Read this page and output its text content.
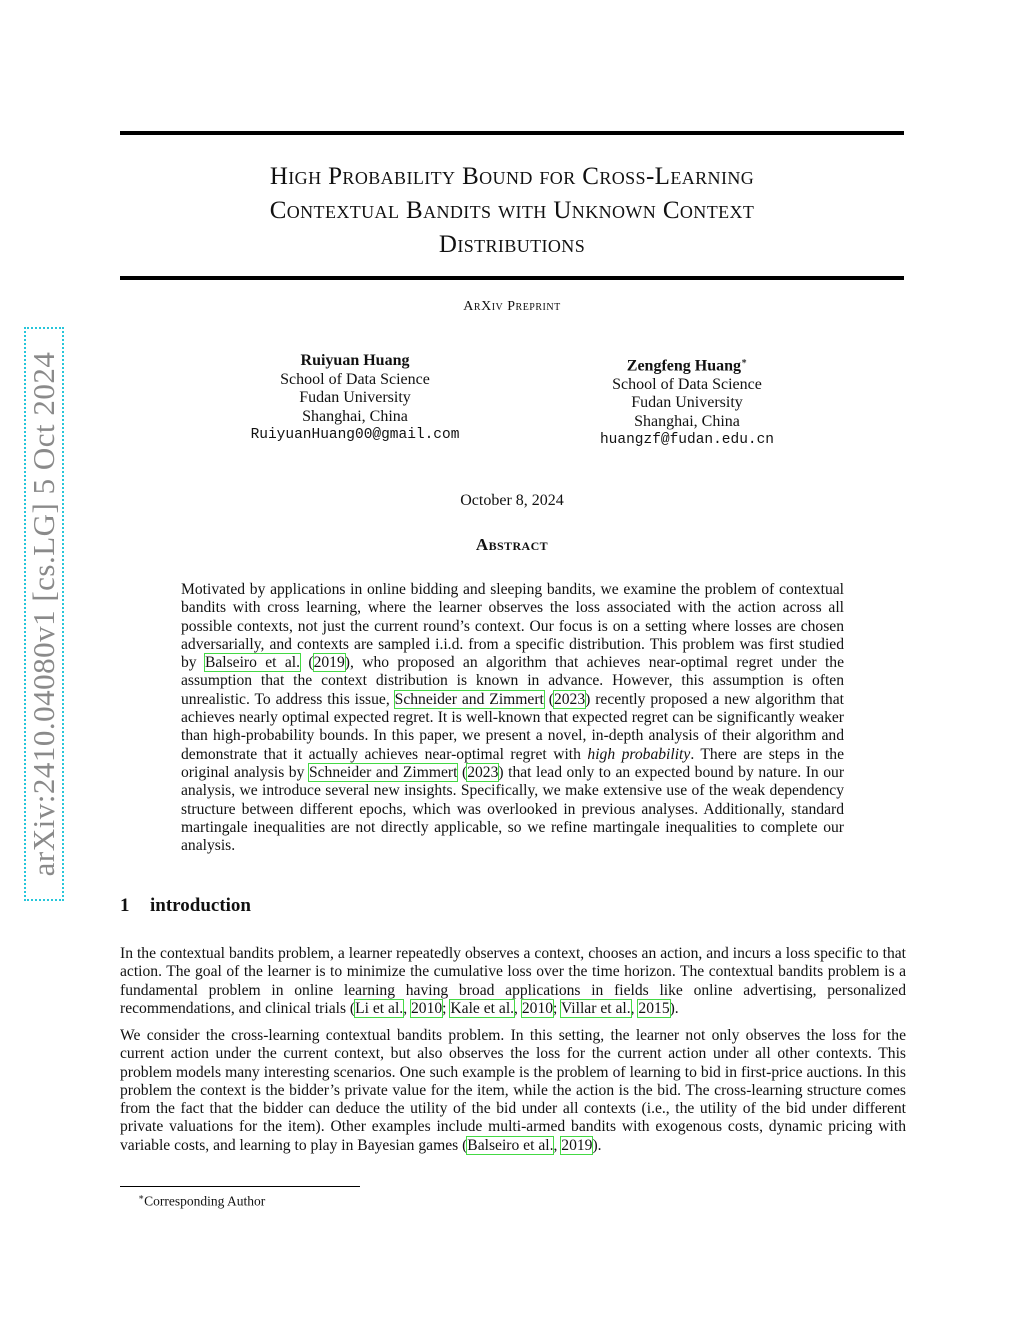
arXiv:2410.04080v1 [cs.LG] 5 Oct 2024
High Probability Bound for Cross-Learning
Contextual Bandits with Unknown Context
Distributions
ArXiv Preprint
Ruiyuan Huang
School of Data Science
Fudan University
Shanghai, China
RuiyuanHuang00@gmail.com
Zengfeng Huang∗
School of Data Science
Fudan University
Shanghai, China
huangzf@fudan.edu.cn
October 8, 2024
Abstract
Motivated by applications in online bidding and sleeping bandits, we examine the problem of contextual bandits with cross learning, where the learner observes the loss associated with the action across all possible contexts, not just the current round’s context. Our focus is on a setting where losses are chosen adversarially, and contexts are sampled i.i.d. from a specific distribution. This problem was first studied by Balseiro et al. (2019), who proposed an algorithm that achieves near-optimal regret under the assumption that the context distribution is known in advance. However, this assumption is often unrealistic. To address this issue, Schneider and Zimmert (2023) recently proposed a new algorithm that achieves nearly optimal expected regret. It is well-known that expected regret can be significantly weaker than high-probability bounds. In this paper, we present a novel, in-depth analysis of their algorithm and demonstrate that it actually achieves near-optimal regret with high probability. There are steps in the original analysis by Schneider and Zimmert (2023) that lead only to an expected bound by nature. In our analysis, we introduce several new insights. Specifically, we make extensive use of the weak dependency structure between different epochs, which was overlooked in previous analyses. Additionally, standard martingale inequalities are not directly applicable, so we refine martingale inequalities to complete our analysis.
1 introduction
In the contextual bandits problem, a learner repeatedly observes a context, chooses an action, and incurs a loss specific to that action. The goal of the learner is to minimize the cumulative loss over the time horizon. The contextual bandits problem is a fundamental problem in online learning having broad applications in fields like online advertising, personalized recommendations, and clinical trials (Li et al., 2010; Kale et al., 2010; Villar et al., 2015).
We consider the cross-learning contextual bandits problem. In this setting, the learner not only observes the loss for the current action under the current context, but also observes the loss for the current action under all other contexts. This problem models many interesting scenarios. One such example is the problem of learning to bid in first-price auctions. In this problem the context is the bidder’s private value for the item, while the action is the bid. The cross-learning structure comes from the fact that the bidder can deduce the utility of the bid under all contexts (i.e., the utility of the bid under different private valuations for the item). Other examples include multi-armed bandits with exogenous costs, dynamic pricing with variable costs, and learning to play in Bayesian games (Balseiro et al., 2019).
∗Corresponding Author
